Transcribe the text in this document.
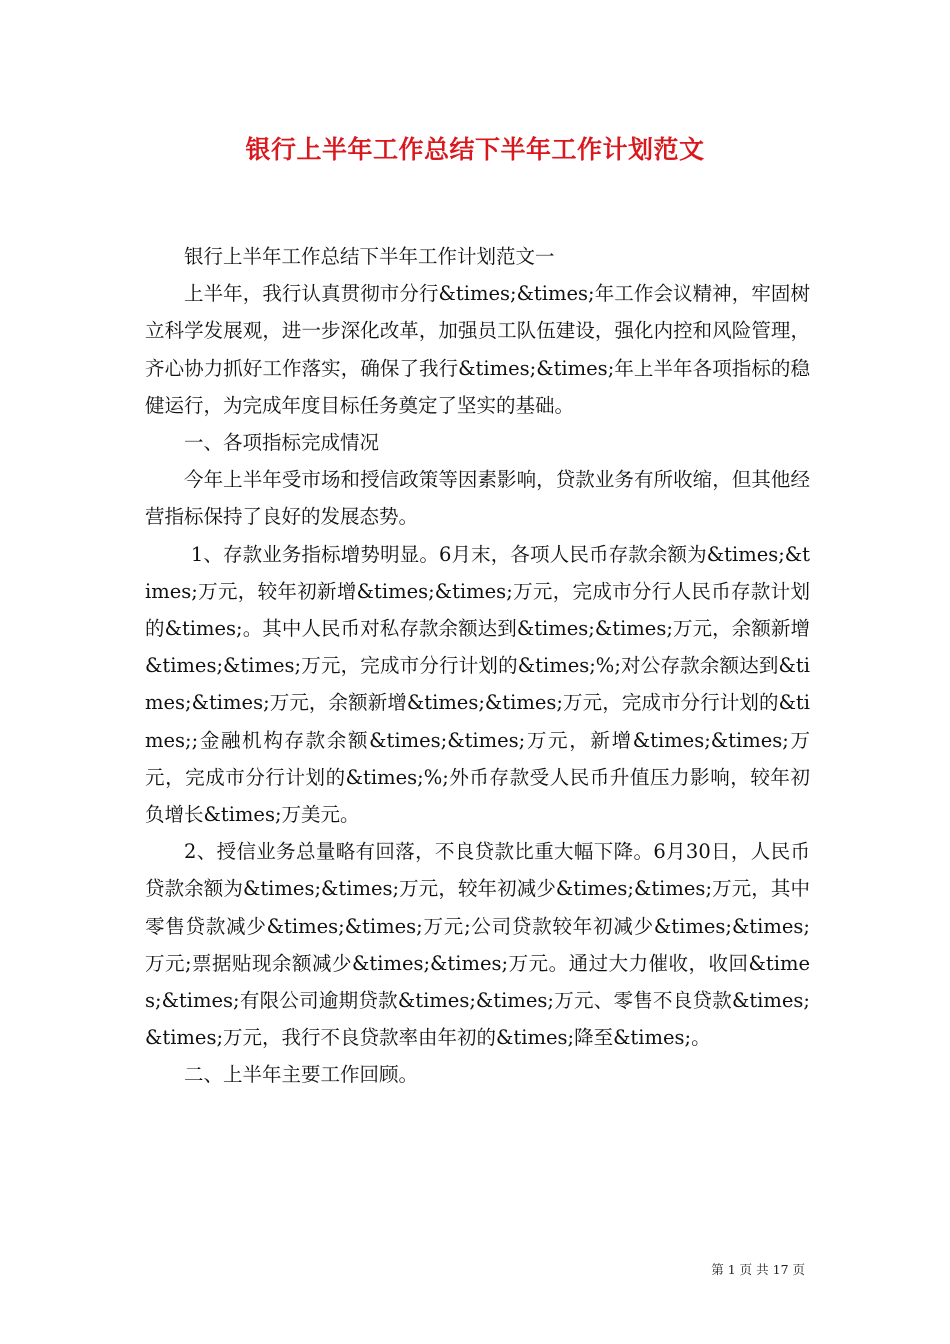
银行上半年工作总结下半年工作计划范文

银行上半年工作总结下半年工作计划范文一

上半年，我行认真贯彻市分行&times;&times;年工作会议精神，牢固树立科学发展观，进一步深化改革，加强员工队伍建设，强化内控和风险管理，齐心协力抓好工作落实，确保了我行&times;&times;年上半年各项指标的稳健运行，为完成年度目标任务奠定了坚实的基础。

一、各项指标完成情况

今年上半年受市场和授信政策等因素影响，贷款业务有所收缩，但其他经营指标保持了良好的发展态势。

1、存款业务指标增势明显。6月末，各项人民币存款余额为&times;&times;万元，较年初新增&times;&times;万元，完成市分行人民币存款计划的&times;。其中人民币对私存款余额达到&times;&times;万元，余额新增&times;&times;万元，完成市分行计划的&times;%;对公存款余额达到&times;&times;万元，余额新增&times;&times;万元，完成市分行计划的&times;;金融机构存款余额&times;&times;万元，新增&times;&times;万元，完成市分行计划的&times;%;外币存款受人民币升值压力影响，较年初负增长&times;万美元。

2、授信业务总量略有回落，不良贷款比重大幅下降。6月30日，人民币贷款余额为&times;&times;万元，较年初减少&times;&times;万元，其中零售贷款减少&times;&times;万元;公司贷款较年初减少&times;&times;万元;票据贴现余额减少&times;&times;万元。通过大力催收，收回&times;&times;有限公司逾期贷款&times;&times;万元、零售不良贷款&times;&times;万元，我行不良贷款率由年初的&times;降至&times;。

二、上半年主要工作回顾。

第 1 页 共 17 页
